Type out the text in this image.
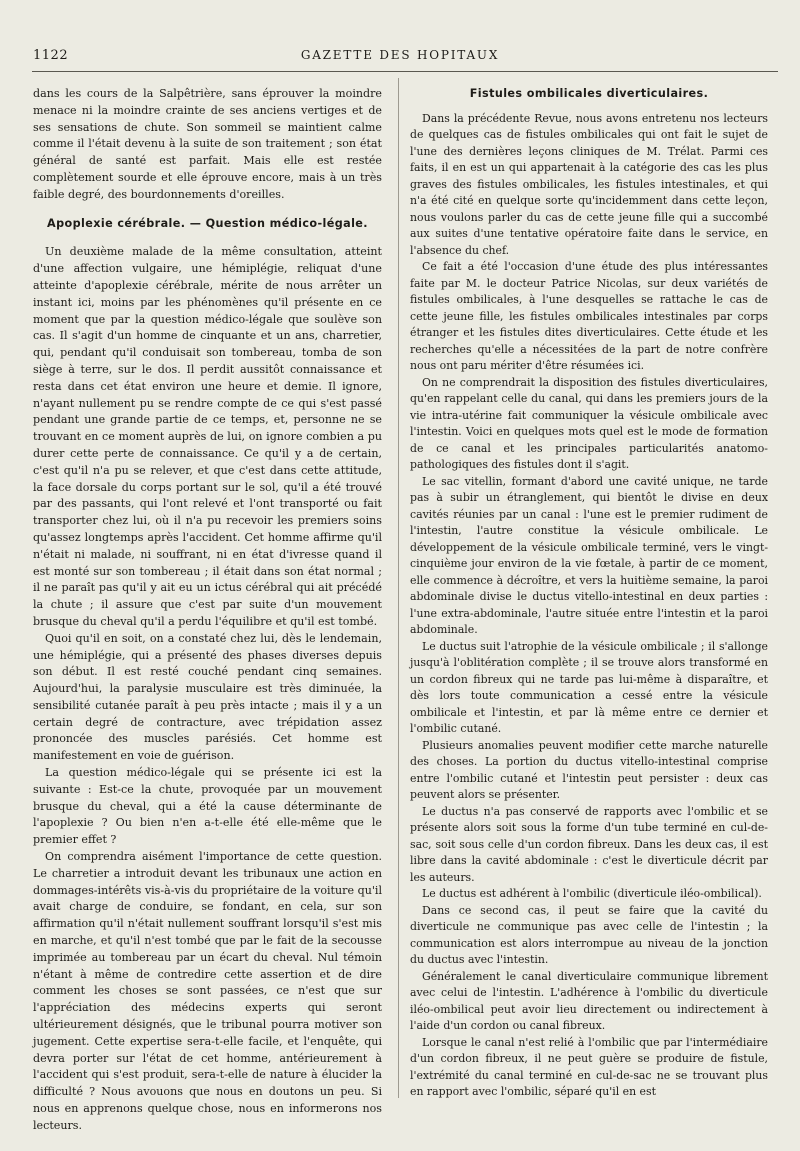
1122	GAZETTE DES HOPITAUX

dans les cours de la Salpêtrière, sans éprouver la moindre menace ni la moindre crainte de ses anciens vertiges et de ses sensations de chute. Son sommeil se maintient calme comme il l'était devenu à la suite de son traitement ; son état général de santé est parfait. Mais elle est restée complètement sourde et elle éprouve encore, mais à un très faible degré, des bourdonnements d'oreilles.

Apoplexie cérébrale. — Question médico-légale.

Un deuxième malade de la même consultation, atteint d'une affection vulgaire, une hémiplégie, reliquat d'une atteinte d'apoplexie cérébrale, mérite de nous arrêter un instant ici, moins par les phénomènes qu'il présente en ce moment que par la question médico-légale que soulève son cas. Il s'agit d'un homme de cinquante et un ans, charretier, qui, pendant qu'il conduisait son tombereau, tomba de son siège à terre, sur le dos. Il perdit aussitôt connaissance et resta dans cet état environ une heure et demie. Il ignore, n'ayant nullement pu se rendre compte de ce qui s'est passé pendant une grande partie de ce temps, et, personne ne se trouvant en ce moment auprès de lui, on ignore combien a pu durer cette perte de connaissance. Ce qu'il y a de certain, c'est qu'il n'a pu se relever, et que c'est dans cette attitude, la face dorsale du corps portant sur le sol, qu'il a été trouvé par des passants, qui l'ont relevé et l'ont transporté ou fait transporter chez lui, où il n'a pu recevoir les premiers soins qu'assez longtemps après l'accident. Cet homme affirme qu'il n'était ni malade, ni souffrant, ni en état d'ivresse quand il est monté sur son tombereau ; il était dans son état normal ; il ne paraît pas qu'il y ait eu un ictus cérébral qui ait précédé la chute ; il assure que c'est par suite d'un mouvement brusque du cheval qu'il a perdu l'équilibre et qu'il est tombé.

Quoi qu'il en soit, on a constaté chez lui, dès le lendemain, une hémiplégie, qui a présenté des phases diverses depuis son début. Il est resté couché pendant cinq semaines. Aujourd'hui, la paralysie musculaire est très diminuée, la sensibilité cutanée paraît à peu près intacte ; mais il y a un certain degré de contracture, avec trépidation assez prononcée des muscles parésiés. Cet homme est manifestement en voie de guérison.

La question médico-légale qui se présente ici est la suivante : Est-ce la chute, provoquée par un mouvement brusque du cheval, qui a été la cause déterminante de l'apoplexie ? Ou bien n'en a-t-elle été elle-même que le premier effet ?

On comprendra aisément l'importance de cette question. Le charretier a introduit devant les tribunaux une action en dommages-intérêts vis-à-vis du propriétaire de la voiture qu'il avait charge de conduire, se fondant, en cela, sur son affirmation qu'il n'était nullement souffrant lorsqu'il s'est mis en marche, et qu'il n'est tombé que par le fait de la secousse imprimée au tombereau par un écart du cheval. Nul témoin n'étant à même de contredire cette assertion et de dire comment les choses se sont passées, ce n'est que sur l'appréciation des médecins experts qui seront ultérieurement désignés, que le tribunal pourra motiver son jugement. Cette expertise sera-t-elle facile, et l'enquête, qui devra porter sur l'état de cet homme, antérieurement à l'accident qui s'est produit, sera-t-elle de nature à élucider la difficulté ? Nous avouons que nous en doutons un peu. Si nous en apprenons quelque chose, nous en informerons nos lecteurs.

Fistules ombilicales diverticulaires.

Dans la précédente Revue, nous avons entretenu nos lecteurs de quelques cas de fistules ombilicales qui ont fait le sujet de l'une des dernières leçons cliniques de M. Trélat. Parmi ces faits, il en est un qui appartenait à la catégorie des cas les plus graves des fistules ombilicales, les fistules intestinales, et qui n'a été cité en quelque sorte qu'incidemment dans cette leçon, nous voulons parler du cas de cette jeune fille qui a succombé aux suites d'une tentative opératoire faite dans le service, en l'absence du chef.

Ce fait a été l'occasion d'une étude des plus intéressantes faite par M. le docteur Patrice Nicolas, sur deux variétés de fistules ombilicales, à l'une desquelles se rattache le cas de cette jeune fille, les fistules ombilicales intestinales par corps étranger et les fistules dites diverticulaires. Cette étude et les recherches qu'elle a nécessitées de la part de notre confrère nous ont paru mériter d'être résumées ici.

On ne comprendrait la disposition des fistules diverticulaires, qu'en rappelant celle du canal, qui dans les premiers jours de la vie intra-utérine fait communiquer la vésicule ombilicale avec l'intestin. Voici en quelques mots quel est le mode de formation de ce canal et les principales particularités anatomo-pathologiques des fistules dont il s'agit.

Le sac vitellin, formant d'abord une cavité unique, ne tarde pas à subir un étranglement, qui bientôt le divise en deux cavités réunies par un canal : l'une est le premier rudiment de l'intestin, l'autre constitue la vésicule ombilicale. Le développement de la vésicule ombilicale terminé, vers le vingt-cinquième jour environ de la vie fœtale, à partir de ce moment, elle commence à décroître, et vers la huitième semaine, la paroi abdominale divise le ductus vitello-intestinal en deux parties : l'une extra-abdominale, l'autre située entre l'intestin et la paroi abdominale.

Le ductus suit l'atrophie de la vésicule ombilicale ; il s'allonge jusqu'à l'oblitération complète ; il se trouve alors transformé en un cordon fibreux qui ne tarde pas lui-même à disparaître, et dès lors toute communication a cessé entre la vésicule ombilicale et l'intestin, et par là même entre ce dernier et l'ombilic cutané.

Plusieurs anomalies peuvent modifier cette marche naturelle des choses. La portion du ductus vitello-intestinal comprise entre l'ombilic cutané et l'intestin peut persister : deux cas peuvent alors se présenter.

Le ductus n'a pas conservé de rapports avec l'ombilic et se présente alors soit sous la forme d'un tube terminé en cul-de-sac, soit sous celle d'un cordon fibreux. Dans les deux cas, il est libre dans la cavité abdominale : c'est le diverticule décrit par les auteurs.

Le ductus est adhérent à l'ombilic (diverticule iléo-ombilical).

Dans ce second cas, il peut se faire que la cavité du diverticule ne communique pas avec celle de l'intestin ; la communication est alors interrompue au niveau de la jonction du ductus avec l'intestin.

Généralement le canal diverticulaire communique librement avec celui de l'intestin. L'adhérence à l'ombilic du diverticule iléo-ombilical peut avoir lieu directement ou indirectement à l'aide d'un cordon ou canal fibreux.

Lorsque le canal n'est relié à l'ombilic que par l'intermédiaire d'un cordon fibreux, il ne peut guère se produire de fistule, l'extrémité du canal terminé en cul-de-sac ne se trouvant plus en rapport avec l'ombilic, séparé qu'il en est
